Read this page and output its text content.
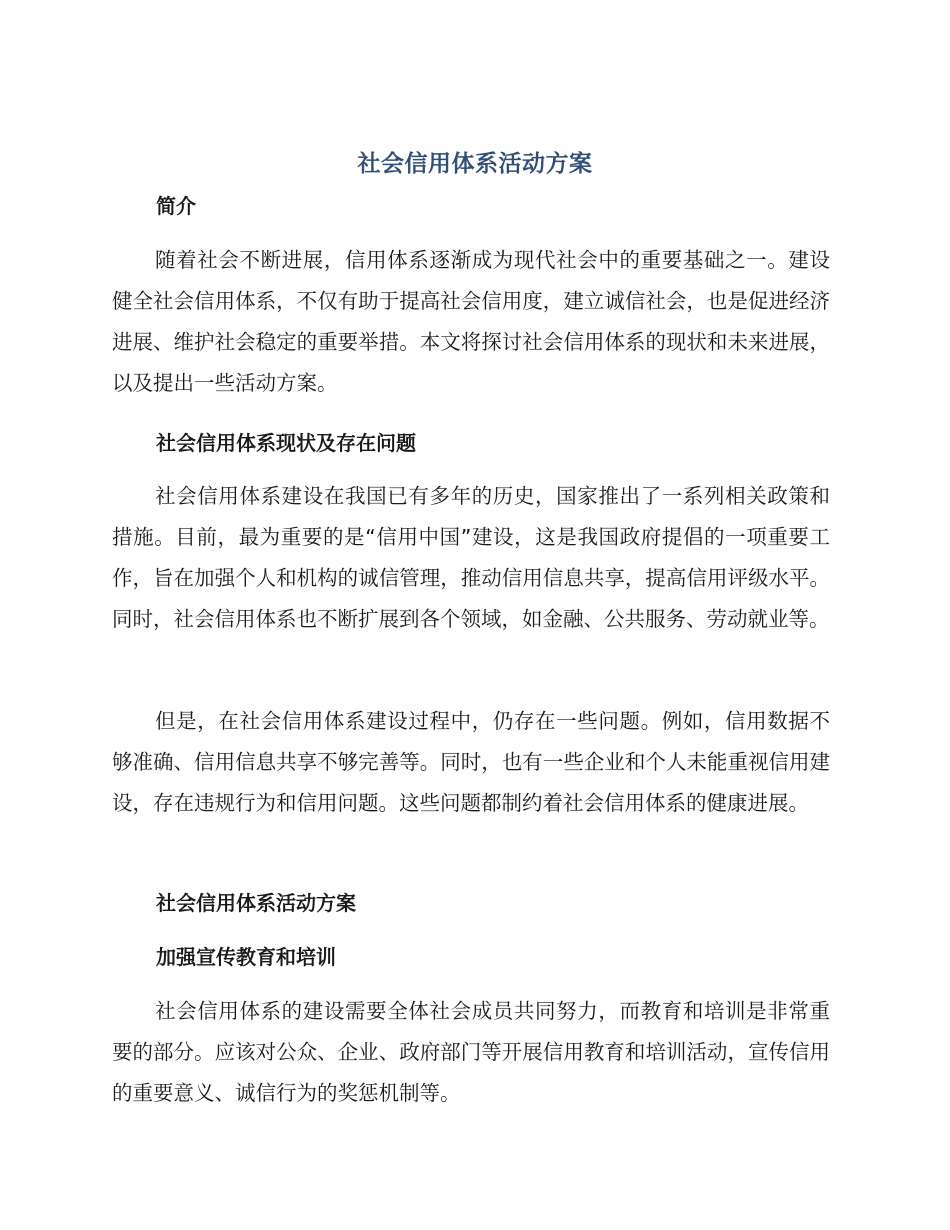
社会信用体系活动方案
简介
随着社会不断进展，信用体系逐渐成为现代社会中的重要基础之一。建设健全社会信用体系，不仅有助于提高社会信用度，建立诚信社会，也是促进经济进展、维护社会稳定的重要举措。本文将探讨社会信用体系的现状和未来进展，以及提出一些活动方案。
社会信用体系现状及存在问题
社会信用体系建设在我国已有多年的历史，国家推出了一系列相关政策和措施。目前，最为重要的是“信用中国”建设，这是我国政府提倡的一项重要工作，旨在加强个人和机构的诚信管理，推动信用信息共享，提高信用评级水平。同时，社会信用体系也不断扩展到各个领域，如金融、公共服务、劳动就业等。
但是，在社会信用体系建设过程中，仍存在一些问题。例如，信用数据不够准确、信用信息共享不够完善等。同时，也有一些企业和个人未能重视信用建设，存在违规行为和信用问题。这些问题都制约着社会信用体系的健康进展。
社会信用体系活动方案
加强宣传教育和培训
社会信用体系的建设需要全体社会成员共同努力，而教育和培训是非常重要的部分。应该对公众、企业、政府部门等开展信用教育和培训活动，宣传信用的重要意义、诚信行为的奖惩机制等。
